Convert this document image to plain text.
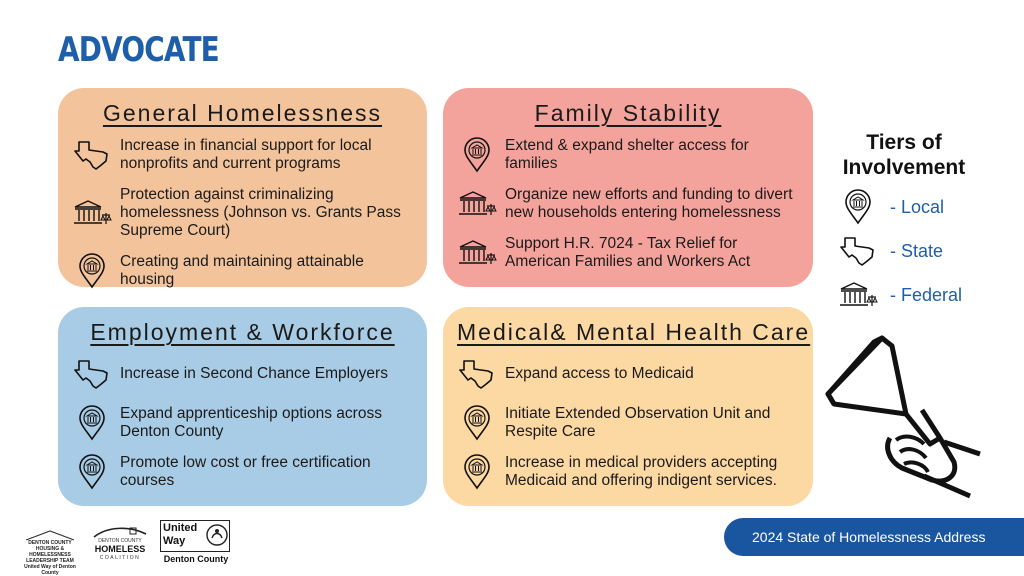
ADVOCATE
General Homelessness
Increase in financial support for local nonprofits and current programs
Protection against criminalizing homelessness (Johnson vs. Grants Pass Supreme Court)
Creating and maintaining attainable housing
Family Stability
Extend & expand shelter access for families
Organize new efforts and funding to divert new households entering homelessness
Support H.R. 7024 - Tax Relief for American Families and Workers Act
Employment & Workforce
Increase in Second Chance Employers
Expand apprenticeship options across Denton County
Promote low cost or free certification courses
Medical& Mental Health Care
Expand access to Medicaid
Initiate Extended Observation Unit and Respite Care
Increase in medical providers accepting Medicaid and offering indigent services.
Tiers of Involvement
- Local
- State
- Federal
DENTON COUNTY HOUSING & HOMELESSNESS LEADERSHIP TEAM
United Way of Denton County
DENTON COUNTY
HOMELESS
COALITION
United Way
Denton County
2024 State of Homelessness Address
